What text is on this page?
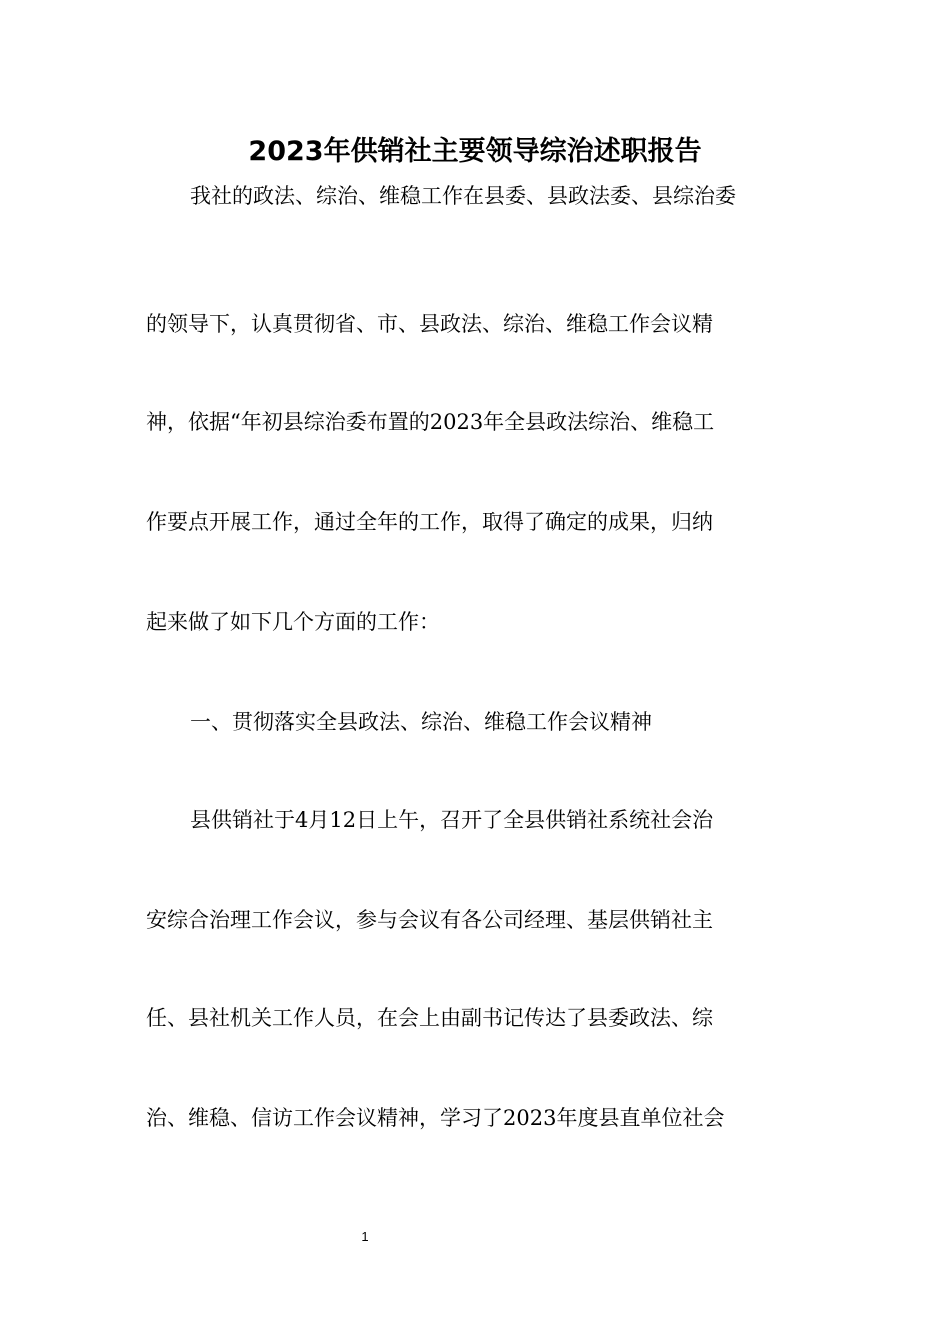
2023年供销社主要领导综治述职报告

我社的政法、综治、维稳工作在县委、县政法委、县综治委

的领导下，认真贯彻省、市、县政法、综治、维稳工作会议精

神，依据“年初县综治委布置的2023年全县政法综治、维稳工

作要点开展工作，通过全年的工作，取得了确定的成果，归纳

起来做了如下几个方面的工作：

一、贯彻落实全县政法、综治、维稳工作会议精神

县供销社于4月12日上午，召开了全县供销社系统社会治

安综合治理工作会议，参与会议有各公司经理、基层供销社主

任、县社机关工作人员，在会上由副书记传达了县委政法、综

治、维稳、信访工作会议精神，学习了2023年度县直单位社会

1
